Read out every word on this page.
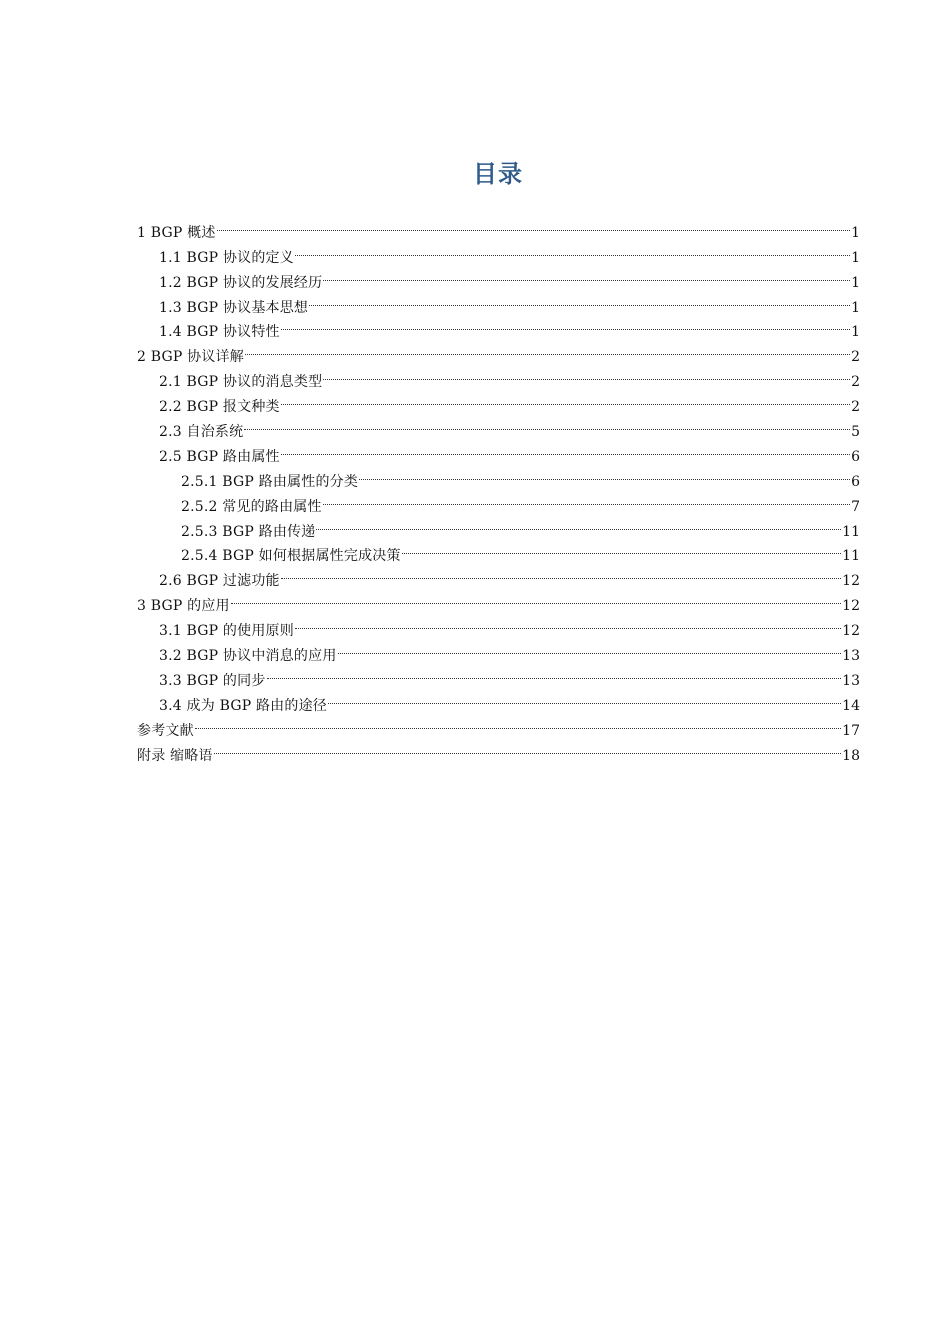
目录
1 BGP 概述	1
1.1 BGP 协议的定义	1
1.2 BGP 协议的发展经历	1
1.3 BGP 协议基本思想	1
1.4 BGP 协议特性	1
2 BGP 协议详解	2
2.1 BGP 协议的消息类型	2
2.2 BGP 报文种类	2
2.3 自治系统	5
2.5 BGP 路由属性	6
2.5.1 BGP 路由属性的分类	6
2.5.2 常见的路由属性	7
2.5.3 BGP 路由传递	11
2.5.4 BGP 如何根据属性完成决策	11
2.6 BGP 过滤功能	12
3 BGP 的应用	12
3.1 BGP 的使用原则	12
3.2 BGP 协议中消息的应用	13
3.3 BGP 的同步	13
3.4 成为 BGP 路由的途径	14
参考文献	17
附录 缩略语	18
